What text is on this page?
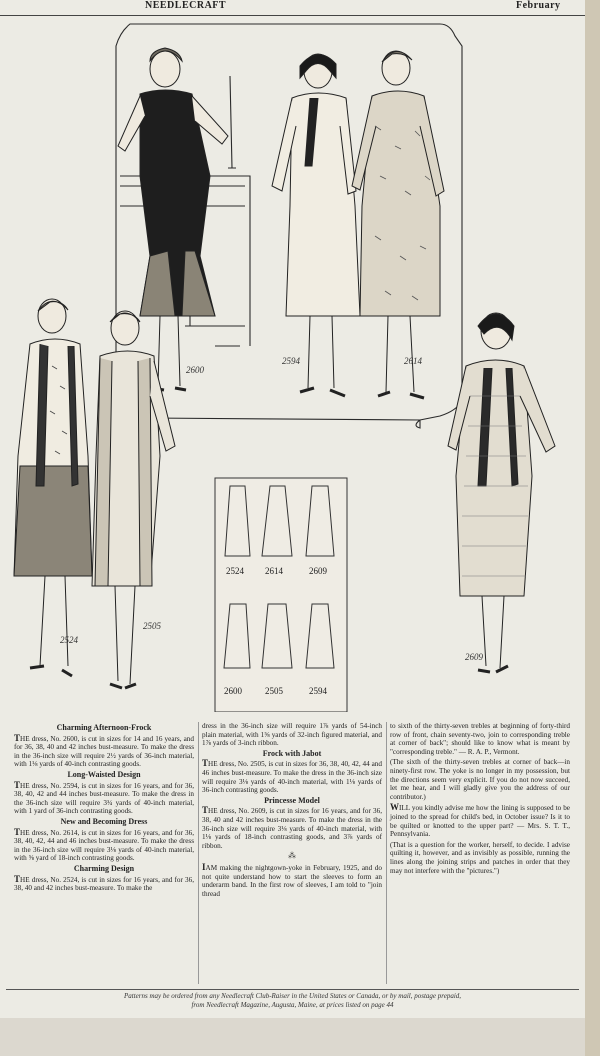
NEEDLECRAFT	February
2600
2594	2614
2524
2505
2609
2524 2614	2609
2600	2505	2594
Charming Afternoon-Frock

THE dress, No. 2600, is cut in sizes for 14 and 16 years, and for 36, 38, 40 and 42 inches bust-measure. To make the dress in the 36-inch size will require 2½ yards of 36-inch material, with 1⅛ yards of 40-inch contrasting goods.

Long-Waisted Design

THE dress, No. 2594, is cut in sizes for 16 years, and for 36, 38, 40, 42 and 44 inches bust-measure. To make the dress in the 36-inch size will require 3¾ yards of 40-inch material, with 1 yard of 36-inch contrasting goods.

New and Becoming Dress

THE dress, No. 2614, is cut in sizes for 16 years, and for 36, 38, 40, 42, 44 and 46 inches bust-measure. To make the dress in the 36-inch size will require 3⅛ yards of 40-inch material, with ⅝ yard of 18-inch contrasting goods.

Charming Design

THE dress, No. 2524, is cut in sizes for 16 years, and for 36, 38, 40 and 42 inches bust-measure. To make the

dress in the 36-inch size will require 1⅞ yards of 54-inch plain material, with 1⅝ yards of 32-inch figured material, and 1⅞ yards of 3-inch ribbon.

Frock with Jabot

THE dress, No. 2505, is cut in sizes for 36, 38, 40, 42, 44 and 46 inches bust-measure. To make the dress in the 36-inch size will require 3⅛ yards of 40-inch material, with 1⅛ yards of 36-inch contrasting goods.

Princesse Model

THE dress, No. 2609, is cut in sizes for 16 years, and for 36, 38, 40 and 42 inches bust-measure. To make the dress in the 36-inch size will require 3⅛ yards of 40-inch material, with 1⅛ yards of 18-inch contrasting goods, and 3⅞ yards of ribbon.

⁂

IAM making the nightgown-yoke in February, 1925, and do not quite understand how to start the sleeves to form an underarm band. In the first row of sleeves, I am told to "join thread

to sixth of the thirty-seven trebles at beginning of forty-third row of front, chain seventy-two, join to corresponding treble at corner of back"; should like to know what is meant by "corresponding treble." — R. A. P., Vermont.

(The sixth of the thirty-seven trebles at corner of back—in ninety-first row. The yoke is no longer in my possession, but the directions seem very explicit. If you do not now succeed, let me hear, and I will gladly give you the address of our contributor.)

WILL you kindly advise me how the lining is supposed to be joined to the spread for child's bed, in October issue? Is it to be quilted or knotted to the upper part? — Mrs. S. T. T., Pennsylvania.

(That is a question for the worker, herself, to decide. I advise quilting it, however, and as invisibly as possible, running the lines along the joining strips and patches in order that they may not interfere with the "pictures.")

Patterns may be ordered from any Needlecraft Club-Raiser in the United States or Canada, or by mail, postage prepaid,
from Needlecraft Magazine, Augusta, Maine, at prices listed on page 44
